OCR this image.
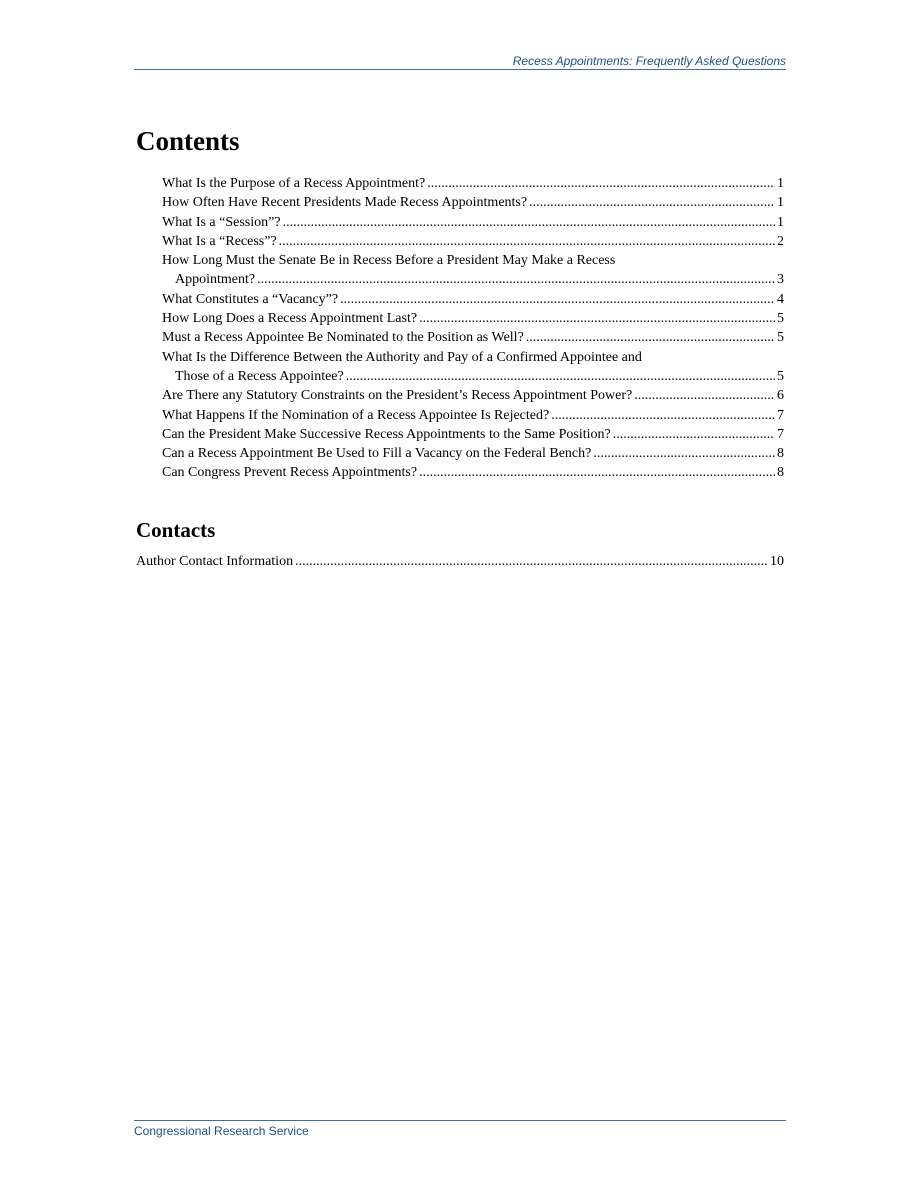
Recess Appointments: Frequently Asked Questions
Contents
What Is the Purpose of a Recess Appointment? .....	1
How Often Have Recent Presidents Made Recess Appointments? .....	1
What Is a “Session”? .....	1
What Is a “Recess”? .....	2
How Long Must the Senate Be in Recess Before a President May Make a Recess
Appointment? .....	3
What Constitutes a “Vacancy”? .....	4
How Long Does a Recess Appointment Last? .....	5
Must a Recess Appointee Be Nominated to the Position as Well? .....	5
What Is the Difference Between the Authority and Pay of a Confirmed Appointee and
Those of a Recess Appointee? .....	5
Are There any Statutory Constraints on the President’s Recess Appointment Power? .....	6
What Happens If the Nomination of a Recess Appointee Is Rejected? .....	7
Can the President Make Successive Recess Appointments to the Same Position? .....	7
Can a Recess Appointment Be Used to Fill a Vacancy on the Federal Bench? .....	8
Can Congress Prevent Recess Appointments? .....	8
Contacts
Author Contact Information .....	10
Congressional Research Service
